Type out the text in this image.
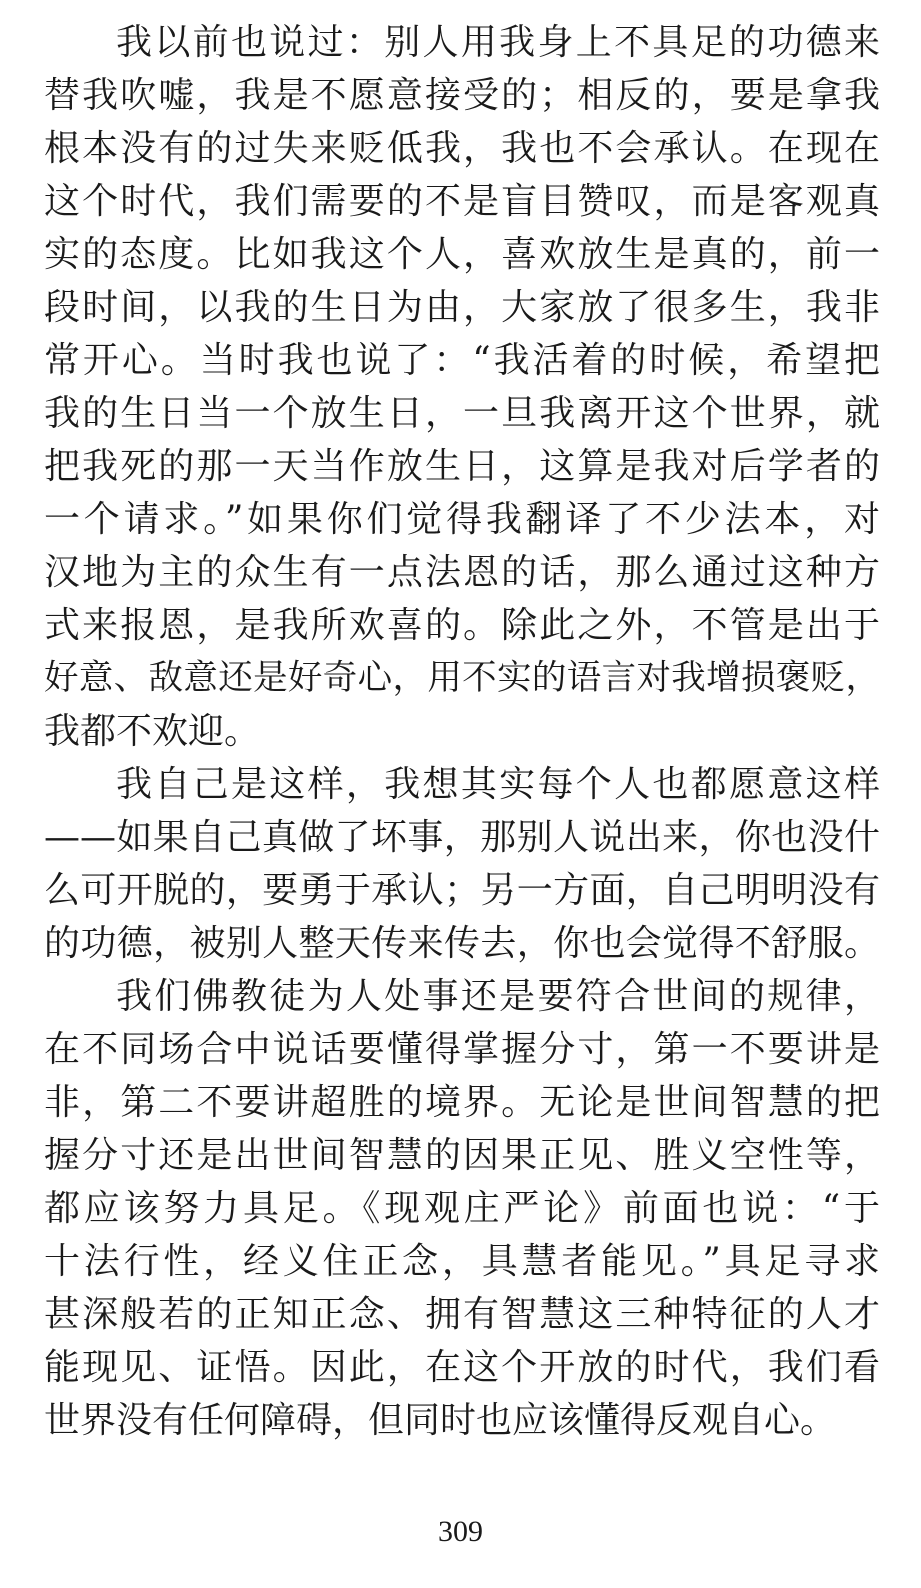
我以前也说过：别人用我身上不具足的功德来
替我吹嘘，我是不愿意接受的；相反的，要是拿我
根本没有的过失来贬低我，我也不会承认。在现在
这个时代，我们需要的不是盲目赞叹，而是客观真
实的态度。比如我这个人，喜欢放生是真的，前一
段时间，以我的生日为由，大家放了很多生，我非
常开心。当时我也说了：“我活着的时候，希望把
我的生日当一个放生日，一旦我离开这个世界，就
把我死的那一天当作放生日，这算是我对后学者的
一个请求。”如果你们觉得我翻译了不少法本，对
汉地为主的众生有一点法恩的话，那么通过这种方
式来报恩，是我所欢喜的。除此之外，不管是出于
好意、敌意还是好奇心，用不实的语言对我增损褒贬，
我都不欢迎。
我自己是这样，我想其实每个人也都愿意这样
——如果自己真做了坏事，那别人说出来，你也没什
么可开脱的，要勇于承认；另一方面，自己明明没有
的功德，被别人整天传来传去，你也会觉得不舒服。
我们佛教徒为人处事还是要符合世间的规律，
在不同场合中说话要懂得掌握分寸，第一不要讲是
非，第二不要讲超胜的境界。无论是世间智慧的把
握分寸还是出世间智慧的因果正见、胜义空性等，
都应该努力具足。《现观庄严论》前面也说：“于
十法行性，经义住正念，具慧者能见。”具足寻求
甚深般若的正知正念、拥有智慧这三种特征的人才
能现见、证悟。因此，在这个开放的时代，我们看
世界没有任何障碍，但同时也应该懂得反观自心。
309
